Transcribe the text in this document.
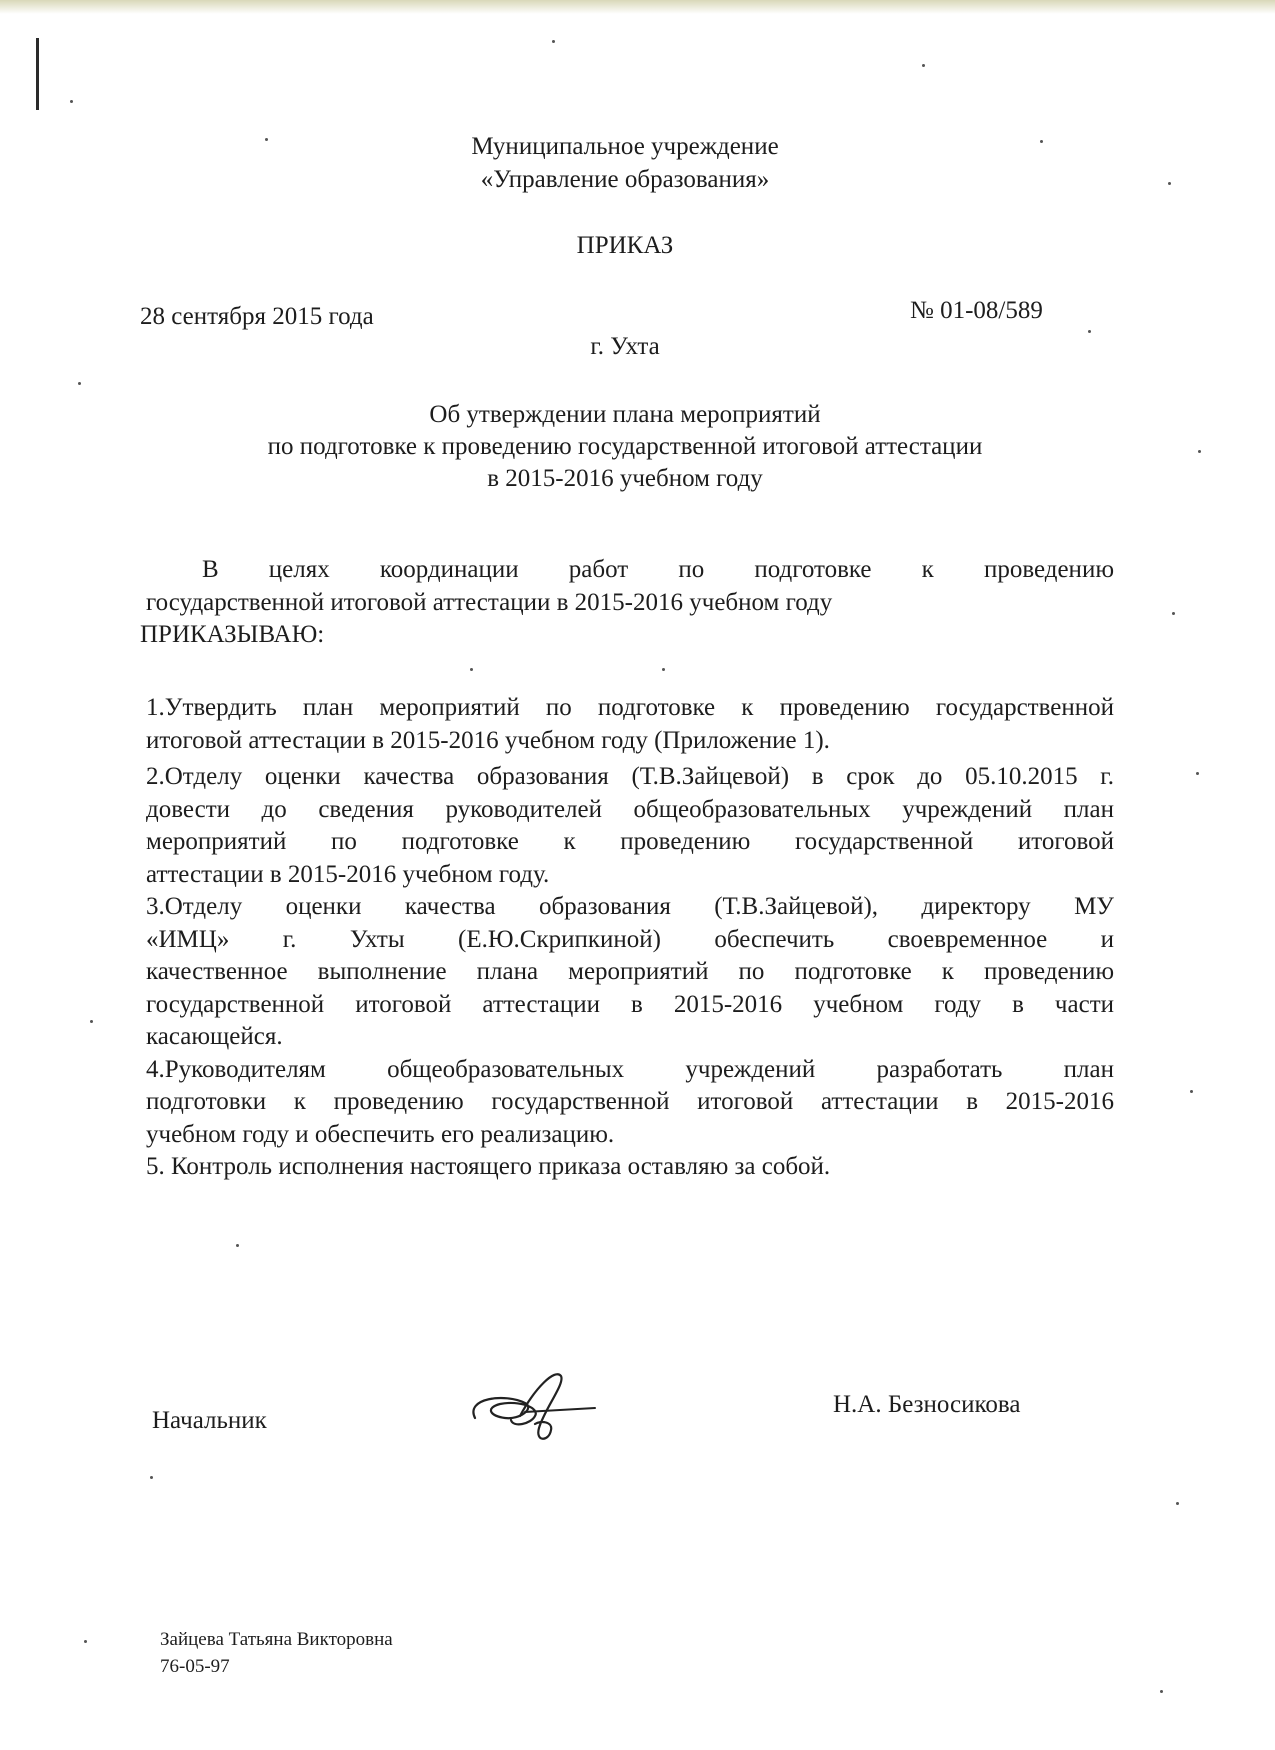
Муниципальное учреждение
«Управление образования»
ПРИКАЗ
28 сентября 2015 года	№ 01-08/589
г. Ухта
Об утверждении плана мероприятий
по подготовке к проведению государственной итоговой аттестации
в 2015-2016 учебном году
В целях координации работ по подготовке к проведению
государственной итоговой аттестации в 2015-2016 учебном году
ПРИКАЗЫВАЮ:
1.Утвердить план мероприятий по подготовке к проведению государственной
итоговой аттестации в 2015-2016 учебном году (Приложение 1).
2.Отделу оценки качества образования (Т.В.Зайцевой) в срок до 05.10.2015 г.
довести до сведения руководителей общеобразовательных учреждений план
мероприятий по подготовке к проведению государственной итоговой
аттестации в 2015-2016 учебном году.
3.Отделу оценки качества образования (Т.В.Зайцевой), директору МУ
«ИМЦ» г. Ухты (Е.Ю.Скрипкиной) обеспечить своевременное и
качественное выполнение плана мероприятий по подготовке к проведению
государственной итоговой аттестации в 2015-2016 учебном году в части
касающейся.
4.Руководителям общеобразовательных учреждений разработать план
подготовки к проведению государственной итоговой аттестации в 2015-2016
учебном году и обеспечить его реализацию.
5. Контроль исполнения настоящего приказа оставляю за собой.
Начальник
Н.А. Безносикова
Зайцева Татьяна Викторовна
76-05-97
